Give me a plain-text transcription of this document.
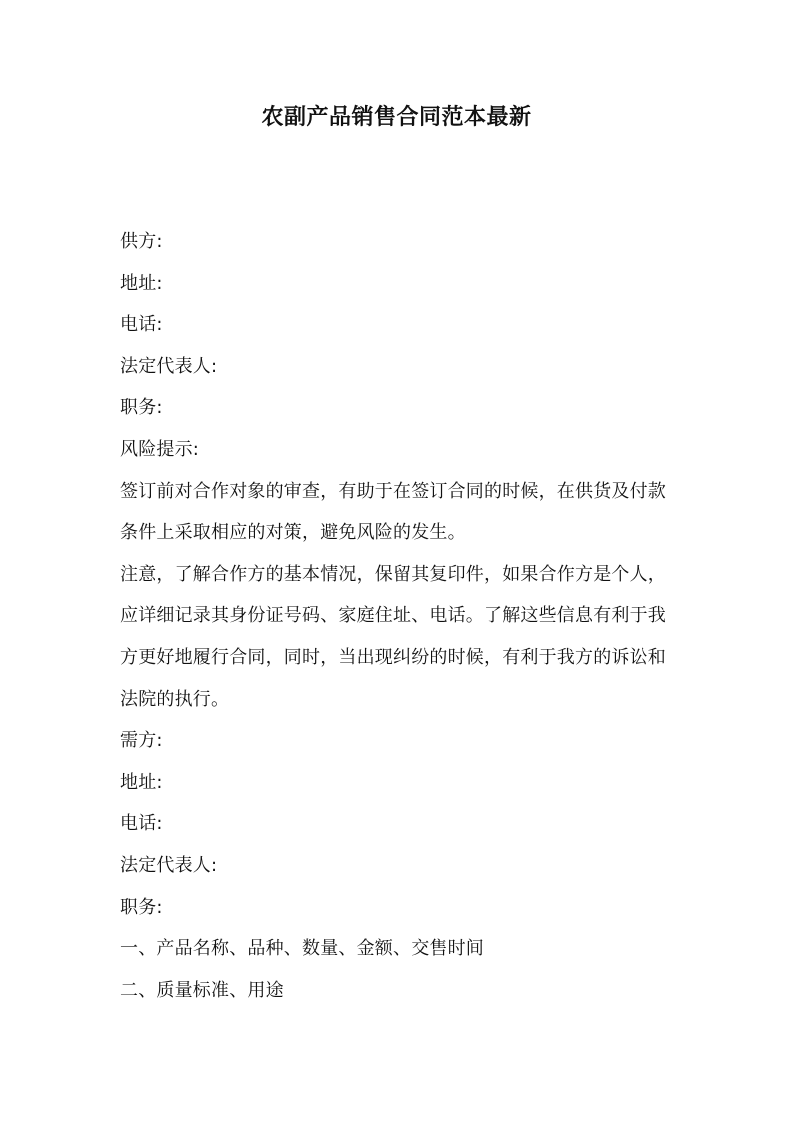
农副产品销售合同范本最新
供方:
地址:
电话:
法定代表人:
职务:
风险提示:
签订前对合作对象的审查，有助于在签订合同的时候，在供货及付款
条件上采取相应的对策，避免风险的发生。
注意，了解合作方的基本情况，保留其复印件，如果合作方是个人，
应详细记录其身份证号码、家庭住址、电话。了解这些信息有利于我
方更好地履行合同，同时，当出现纠纷的时候，有利于我方的诉讼和
法院的执行。
需方:
地址:
电话:
法定代表人:
职务:
一、产品名称、品种、数量、金额、交售时间
二、质量标准、用途
